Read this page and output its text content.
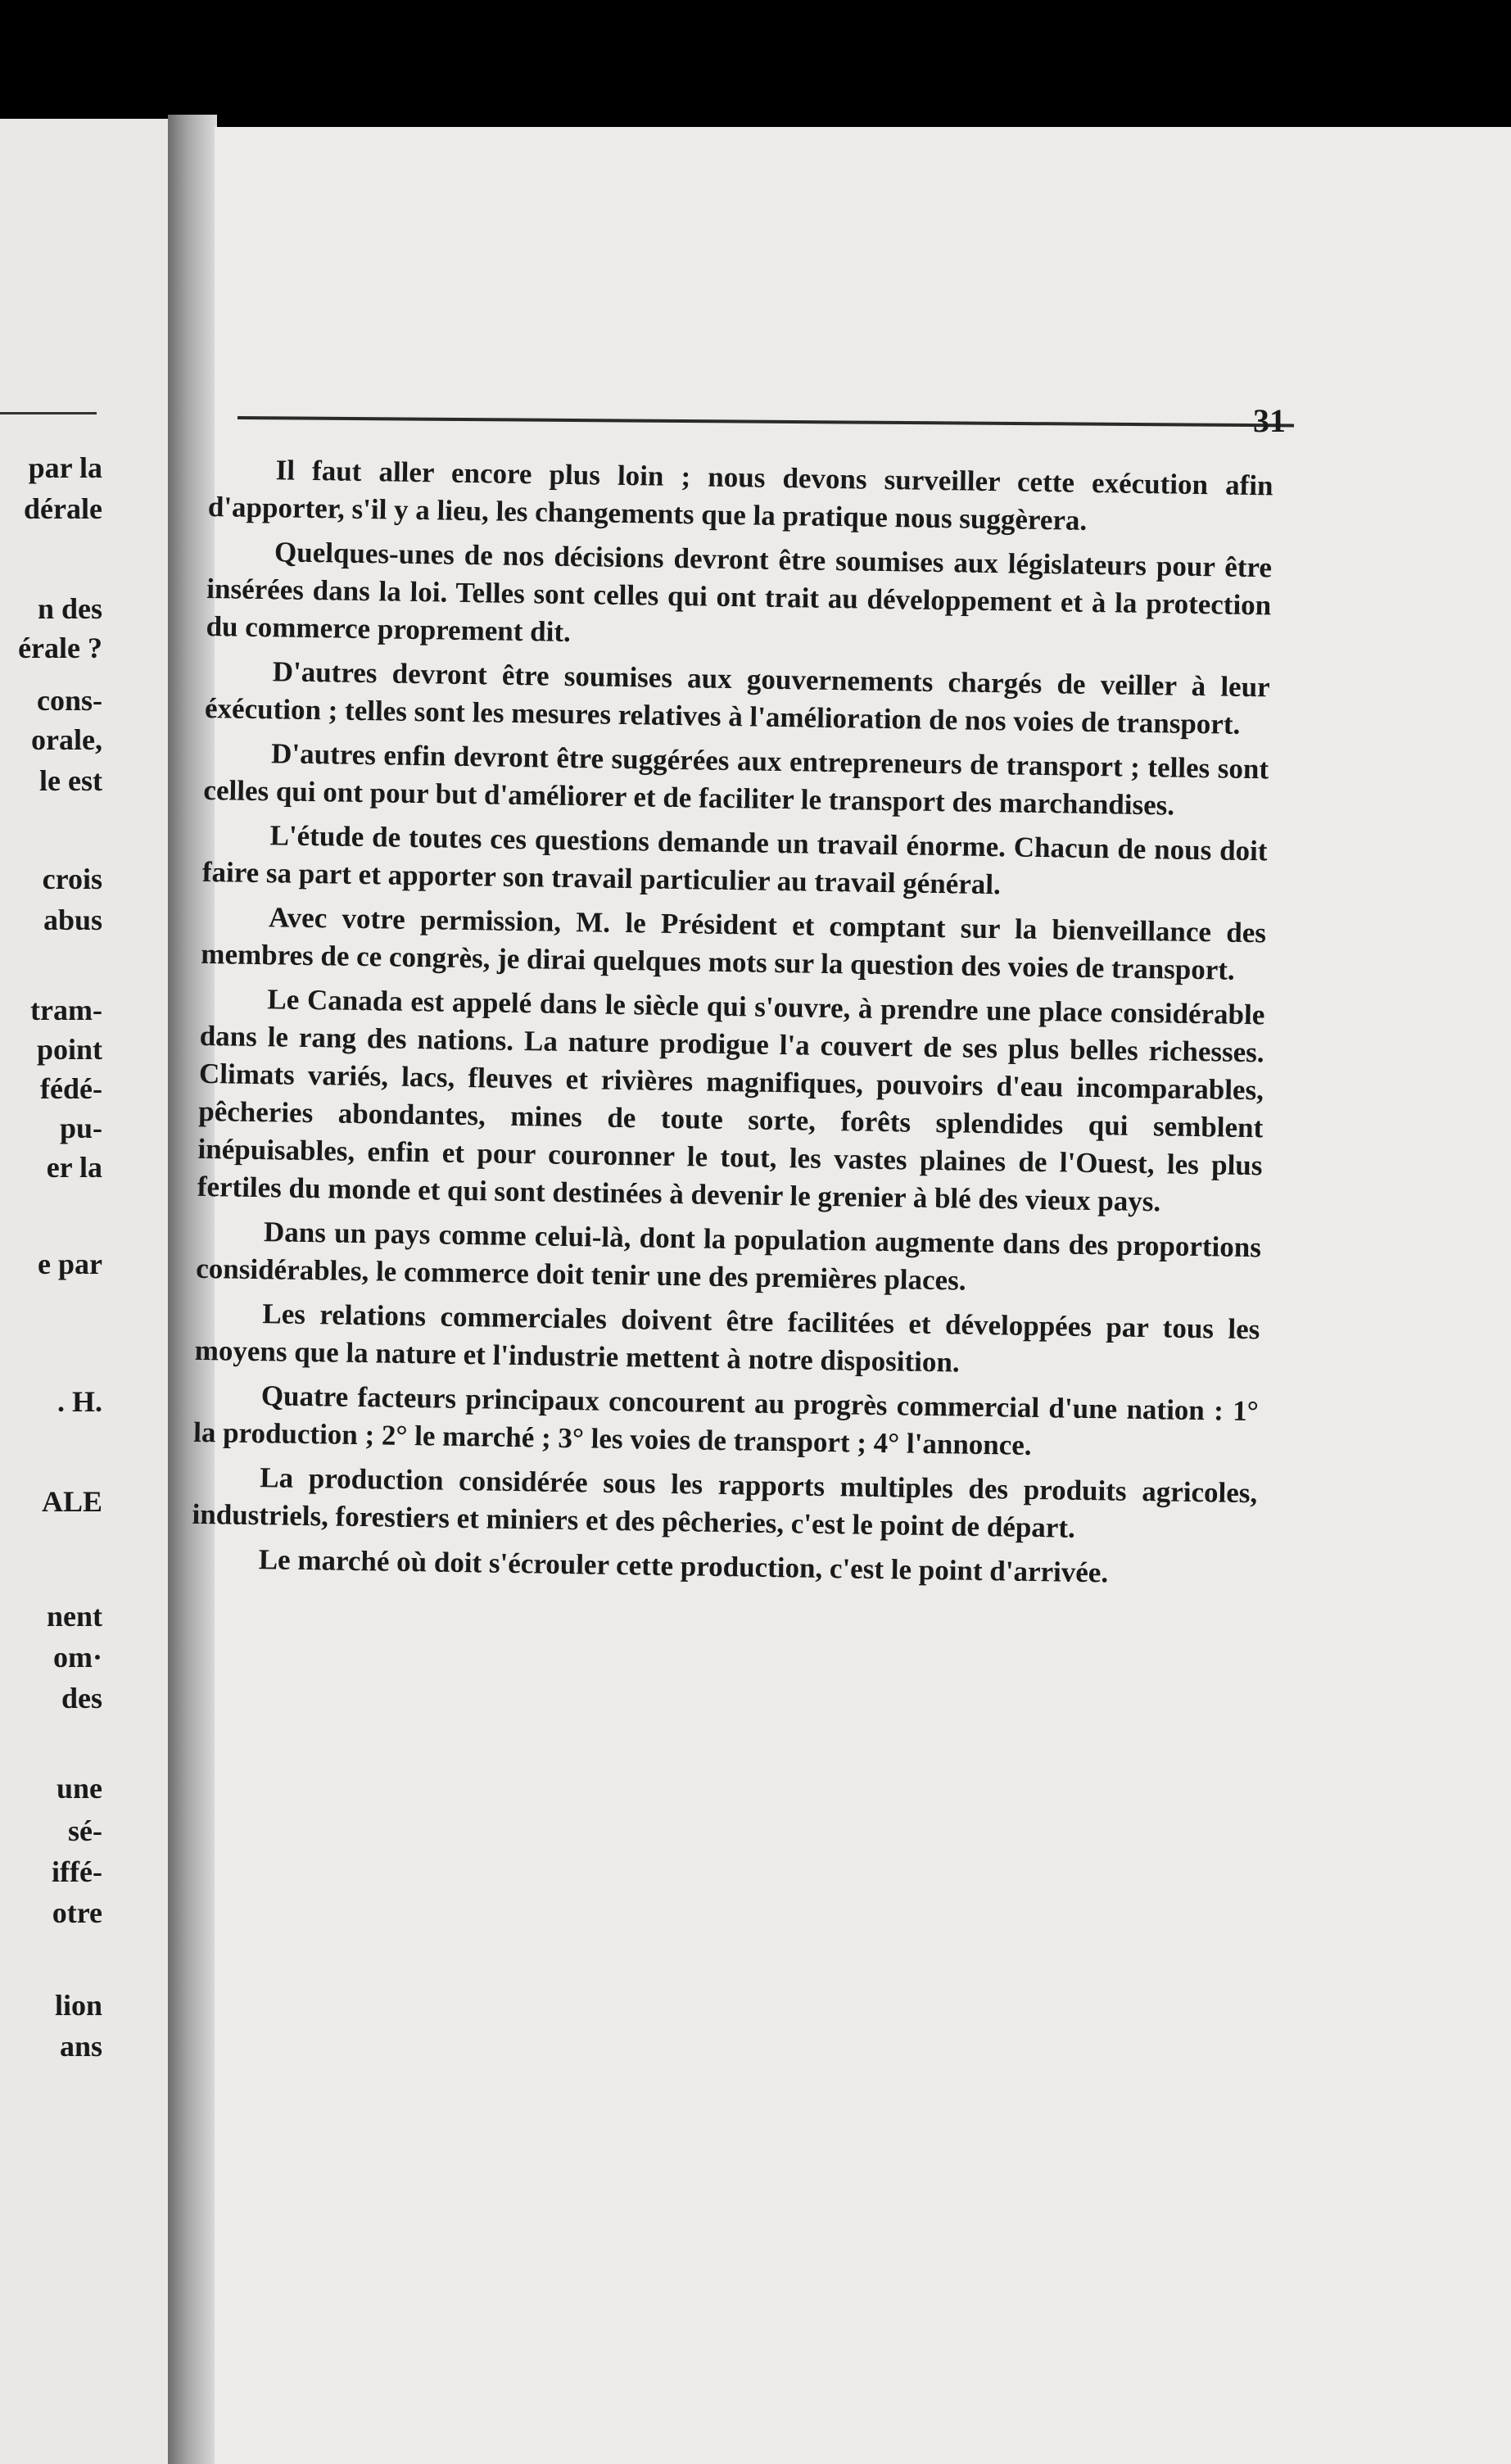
par la
dérale
n des
érale ?
cons-
orale,
le est
crois
abus
tram-
point
fédé-
pu-
er la
e par
. H.
ALE
nent
om·
des
une
sé-
iffé-
otre
lion
ans
31

Il faut aller encore plus loin ; nous devons surveiller cette exécution afin d'apporter, s'il y a lieu, les changements que la pratique nous suggèrera.

Quelques-unes de nos décisions devront être soumises aux législateurs pour être insérées dans la loi. Telles sont celles qui ont trait au développement et à la protection du commerce proprement dit.

D'autres devront être soumises aux gouvernements chargés de veiller à leur éxécution ; telles sont les mesures relatives à l'amélioration de nos voies de transport.

D'autres enfin devront être suggérées aux entrepreneurs de transport ; telles sont celles qui ont pour but d'améliorer et de faciliter le transport des marchandises.

L'étude de toutes ces questions demande un travail énorme. Chacun de nous doit faire sa part et apporter son travail particulier au travail général.

Avec votre permission, M. le Président et comptant sur la bienveillance des membres de ce congrès, je dirai quelques mots sur la question des voies de transport.

Le Canada est appelé dans le siècle qui s'ouvre, à prendre une place considérable dans le rang des nations. La nature prodigue l'a couvert de ses plus belles richesses. Climats variés, lacs, fleuves et rivières magnifiques, pouvoirs d'eau incomparables, pêcheries abondantes, mines de toute sorte, forêts splendides qui semblent inépuisables, enfin et pour couronner le tout, les vastes plaines de l'Ouest, les plus fertiles du monde et qui sont destinées à devenir le grenier à blé des vieux pays.

Dans un pays comme celui-là, dont la population augmente dans des proportions considérables, le commerce doit tenir une des premières places.

Les relations commerciales doivent être facilitées et développées par tous les moyens que la nature et l'industrie mettent à notre disposition.

Quatre facteurs principaux concourent au progrès commercial d'une nation : 1° la production ; 2° le marché ; 3° les voies de transport ; 4° l'annonce.

La production considérée sous les rapports multiples des produits agricoles, industriels, forestiers et miniers et des pêcheries, c'est le point de départ.

Le marché où doit s'écrouler cette production, c'est le point d'arrivée.
